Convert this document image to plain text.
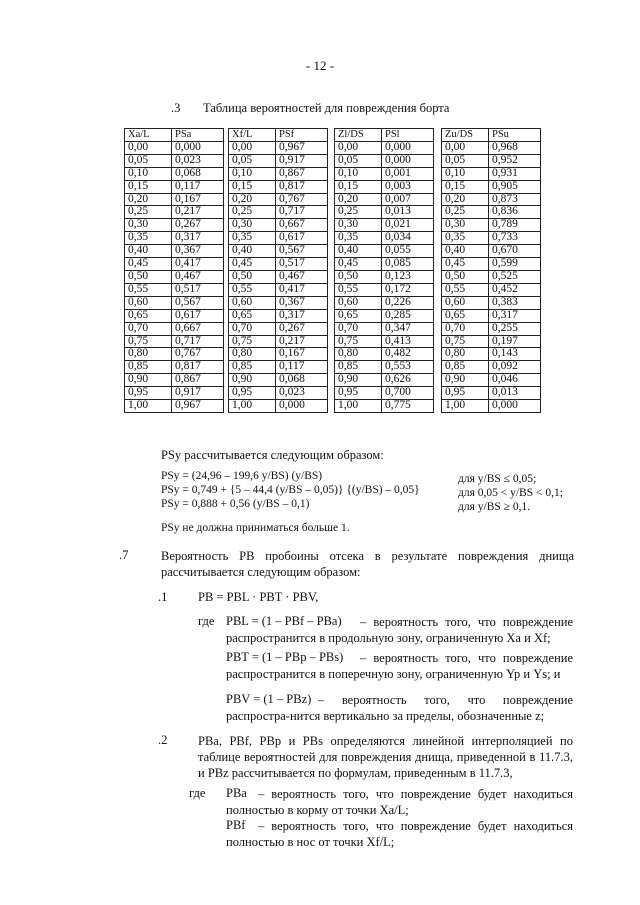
- 12 -
.3 Таблица вероятностей для повреждения борта
Xa/L	PSa
0,00	0,000
0,05	0,023
0,10	0,068
0,15	0,117
0,20	0,167
0,25	0,217
0,30	0,267
0,35	0,317
0,40	0,367
0,45	0,417
0,50	0,467
0,55	0,517
0,60	0,567
0,65	0,617
0,70	0,667
0,75	0,717
0,80	0,767
0,85	0,817
0,90	0,867
0,95	0,917
1,00	0,967
Xf/L	PSf
0,00	0,967
0,05	0,917
0,10	0,867
0,15	0,817
0,20	0,767
0,25	0,717
0,30	0,667
0,35	0,617
0,40	0,567
0,45	0,517
0,50	0,467
0,55	0,417
0,60	0,367
0,65	0,317
0,70	0,267
0,75	0,217
0,80	0,167
0,85	0,117
0,90	0,068
0,95	0,023
1,00	0,000
Zl/DS	PSl
0,00	0,000
0,05	0,000
0,10	0,001
0,15	0,003
0,20	0,007
0,25	0,013
0,30	0,021
0,35	0,034
0,40	0,055
0,45	0,085
0,50	0,123
0,55	0,172
0,60	0,226
0,65	0,285
0,70	0,347
0,75	0,413
0,80	0,482
0,85	0,553
0,90	0,626
0,95	0,700
1,00	0,775
Zu/DS	PSu
0,00	0,968
0,05	0,952
0,10	0,931
0,15	0,905
0,20	0,873
0,25	0,836
0,30	0,789
0,35	0,733
0,40	0,670
0,45	0,599
0,50	0,525
0,55	0,452
0,60	0,383
0,65	0,317
0,70	0,255
0,75	0,197
0,80	0,143
0,85	0,092
0,90	0,046
0,95	0,013
1,00	0,000
PSy рассчитывается следующим образом:
PSy = (24,96 – 199,6 y/BS) (y/BS)	для y/BS ≤ 0,05;
PSy = 0,749 + {5 – 44,4 (y/BS – 0,05)} {(y/BS) – 0,05}	для 0,05 < y/BS < 0,1;
PSy = 0,888 + 0,56 (y/BS – 0,1)	для y/BS ≥ 0,1.
PSy не должна приниматься больше 1.
.7	Вероятность PB пробоины отсека в результате повреждения днища рассчитывается следующим образом:
.1 PB = PBL · PBT · PBV,
где PBL = (1 – PBf – PBa)	– вероятность того, что повреждение распространится в продольную зону, ограниченную Xa и Xf;
PBT = (1 – PBp – PBs)	– вероятность того, что повреждение распространится в поперечную зону, ограниченную Yp и Ys; и
PBV = (1 – PBz) – вероятность того, что повреждение распростра-нится вертикально за пределы, обозначенные z;
.2 PBa, PBf, PBp и PBs определяются линейной интерполяцией по таблице вероятностей для повреждения днища, приведенной в 11.7.3, и PBz рассчитывается по формулам, приведенным в 11.7.3,
где PBa – вероятность того, что повреждение будет находиться полностью в корму от точки Xa/L;
PBf	– вероятность того, что повреждение будет находиться полностью в нос от точки Xf/L;
